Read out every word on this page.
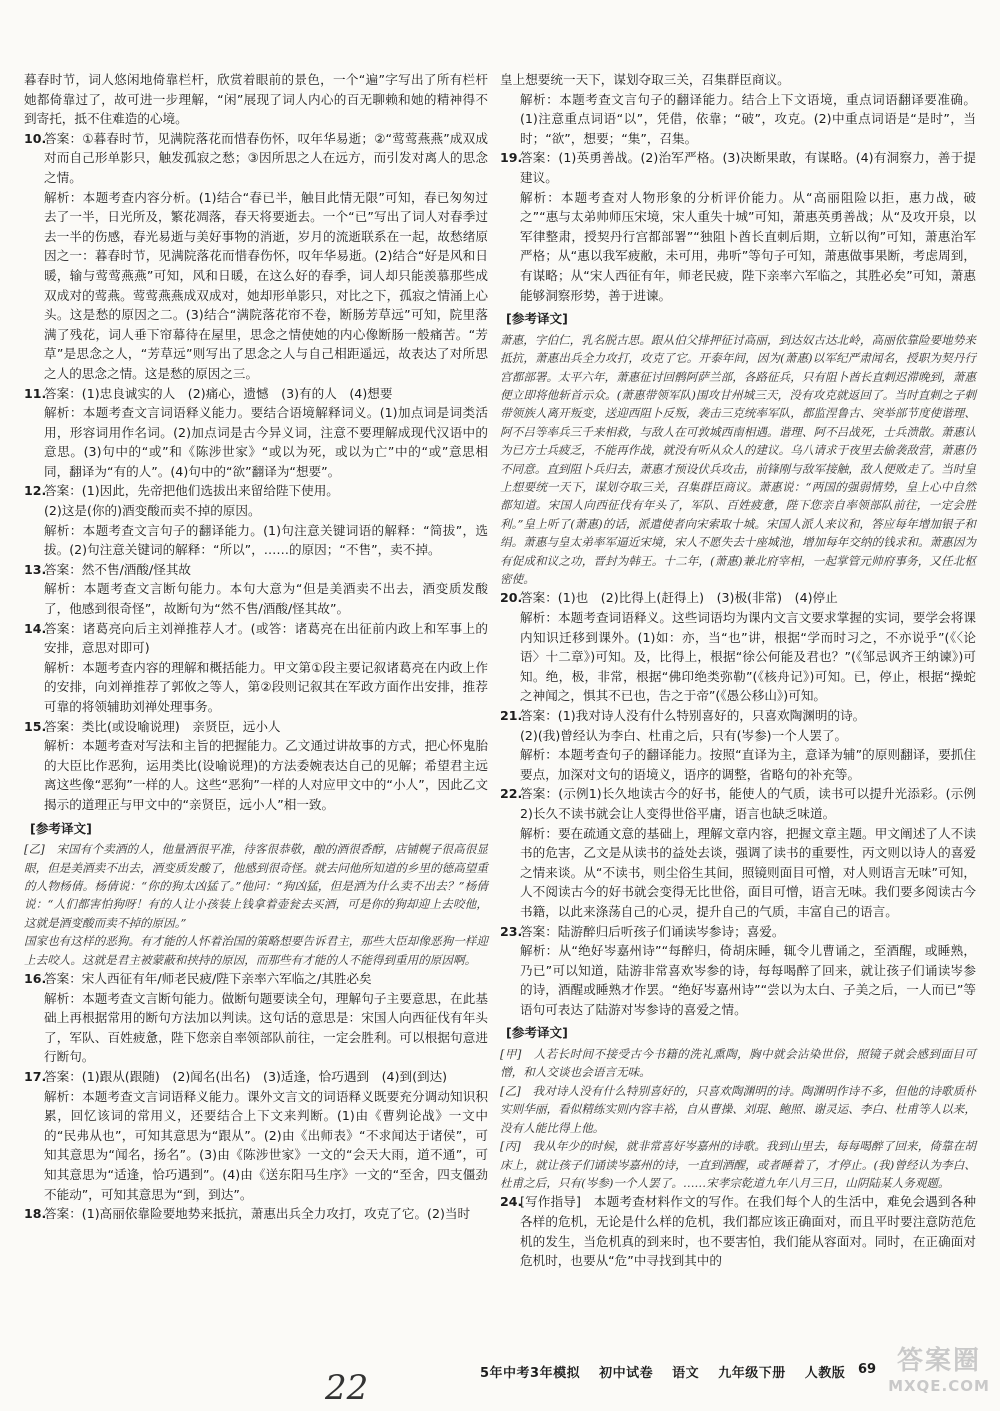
暮春时节，词人悠闲地倚靠栏杆，欣赏着眼前的景色，一个“遍”字写出了所有栏杆她都倚靠过了，故可进一步理解，“闲”展现了词人内心的百无聊赖和她的精神得不到寄托，抵不住难造的心境。
10.
答案：①暮春时节，见满院落花而惜春伤怀，叹年华易逝；②“莺莺燕燕”成双成对而自己形单影只，触发孤寂之愁；③因所思之人在远方，而引发对离人的思念之情。
解析：本题考查内容分析。(1)结合“春已半，触目此情无限”可知，春已匆匆过去了一半，日光所及，繁花凋落，春天将要逝去。一个“已”写出了词人对春季过去一半的伤感，春光易逝与美好事物的消逝，岁月的流逝联系在一起，故愁绪原因之一：暮春时节，见满院落花而惜春伤怀，叹年华易逝。(2)结合“好是风和日暖，输与莺莺燕燕”可知，风和日暖，在这么好的春季，词人却只能羡慕那些成双成对的莺燕。莺莺燕燕成双成对，她却形单影只，对比之下，孤寂之情涌上心头。这是愁的原因之二。(3)结合“满院落花帘不卷，断肠芳草远”可知，院里落满了残花，词人垂下帘幕待在屋里，思念之情使她的内心像断肠一般痛苦。“芳草”是思念之人，“芳草远”则写出了思念之人与自己相距遥远，故表达了对所思之人的思念之情。这是愁的原因之三。
11.
答案：(1)忠良诚实的人　(2)痛心，遗憾　(3)有的人　(4)想要
解析：本题考查文言词语释义能力。要结合语境解释词义。(1)加点词是词类活用，形容词用作名词。(2)加点词是古今异义词，注意不要理解成现代汉语中的意思。(3)句中的“或”和《陈涉世家》“或以为死，或以为亡”中的“或”意思相同，翻译为“有的人”。(4)句中的“欲”翻译为“想要”。
12.
答案：(1)因此，先帝把他们选拔出来留给陛下使用。
(2)这是(你的)酒变酸而卖不掉的原因。
解析：本题考查文言句子的翻译能力。(1)句注意关键词语的解释：“简拔”，选拔。(2)句注意关键词的解释：“所以”，……的原因；“不售”，卖不掉。
13.
答案：然不售/酒酸/怪其故
解析：本题考查文言断句能力。本句大意为“但是美酒卖不出去，酒变质发酸了，他感到很奇怪”，故断句为“然不售/酒酸/怪其故”。
14.
答案：诸葛亮向后主刘禅推荐人才。(或答：诸葛亮在出征前内政上和军事上的安排，意思对即可)
解析：本题考查内容的理解和概括能力。甲文第①段主要记叙诸葛亮在内政上作的安排，向刘禅推荐了郭攸之等人，第②段则记叙其在军政方面作出安排，推荐可靠的将领辅助刘禅处理事务。
15.
答案：类比(或设喻说理)　亲贤臣，远小人
解析：本题考查对写法和主旨的把握能力。乙文通过讲故事的方式，把心怀鬼胎的大臣比作恶狗，运用类比(设喻说理)的方法委婉表达自己的见解；希望君主远离这些像“恶狗”一样的人。这些“恶狗”一样的人对应甲文中的“小人”，因此乙文揭示的道理正与甲文中的“亲贤臣，远小人”相一致。
[参考译文]
[乙]　宋国有个卖酒的人，他量酒很平准，待客很恭敬，酿的酒很香醇，店铺幌子很高很显眼，但是美酒卖不出去，酒变质发酸了，他感到很奇怪。就去问他所知道的乡里的德高望重的人物杨倩。杨倩说：“你的狗太凶猛了。”他问：“狗凶猛，但是酒为什么卖不出去？”杨倩说：“人们都害怕狗呀！有的人让小孩装上钱拿着壶瓮去买酒，可是你的狗却迎上去咬他，这就是酒变酸而卖不掉的原因。”
国家也有这样的恶狗。有才能的人怀着治国的策略想要告诉君主，那些大臣却像恶狗一样迎上去咬人。这就是君主被蒙蔽和挟持的原因，而那些有才能的人不能得到重用的原因啊。
16.
答案：宋人西征有年/师老民疲/陛下亲率六军临之/其胜必矣
解析：本题考查文言断句能力。做断句题要读全句，理解句子主要意思，在此基础上再根据常用的断句方法加以判读。这句话的意思是：宋国人向西征伐有年头了，军队、百姓疲惫，陛下您亲自率领部队前往，一定会胜利。可以根据句意进行断句。
17.
答案：(1)跟从(跟随)　(2)闻名(出名)　(3)适逢，恰巧遇到　(4)到(到达)
解析：本题考查文言词语释义能力。课外文言文的词语释义既要充分调动知识积累，回忆该词的常用义，还要结合上下文来判断。(1)由《曹刿论战》一文中的“民弗从也”，可知其意思为“跟从”。(2)由《出师表》“不求闻达于诸侯”，可知其意思为“闻名，扬名”。(3)由《陈涉世家》一文的“会天大雨，道不通”，可知其意思为“适逢，恰巧遇到”。(4)由《送东阳马生序》一文的“至舍，四支僵劲不能动”，可知其意思为“到，到达”。
18.
答案：(1)高丽依靠险要地势来抵抗，萧惠出兵全力攻打，攻克了它。(2)当时
皇上想要统一天下，谋划夺取三关，召集群臣商议。
解析：本题考查文言句子的翻译能力。结合上下文语境，重点词语翻译要准确。(1)注意重点词语“以”，凭借，依靠；“破”，攻克。(2)中重点词语是“是时”，当时；“欲”，想要；“集”，召集。
19.
答案：(1)英勇善战。(2)治军严格。(3)决断果敢，有谋略。(4)有洞察力，善于提建议。
解析：本题考查对人物形象的分析评价能力。从“高丽阻险以拒，惠力战，破之”“惠与太弟帅师压宋境，宋人重失十城”可知，萧惠英勇善战；从“及攻开泉，以军律整肃，授契丹行宫都部署”“独阻卜酋长直刺后期，立斩以徇”可知，萧惠治军严格；从“惠以我军疲敝，未可用，弗听”等句子可知，萧惠做事果断，考虑周到，有谋略；从“宋人西征有年，师老民疲，陛下亲率六军临之，其胜必矣”可知，萧惠能够洞察形势，善于进谏。
[参考译文]
萧惠，字伯仁，乳名脱古思。跟从伯父排押征讨高丽，到达奴古达北岭，高丽依靠险要地势来抵抗，萧惠出兵全力攻打，攻克了它。开泰年间，因为(萧惠)以军纪严肃闻名，授职为契丹行宫都部署。太平六年，萧惠征讨回鹘阿萨兰部，各路征兵，只有阻卜酋长直剌迟滞晚到，萧惠便立即将他斩首示众。(萧惠带领军队)围攻甘州城三天，没有攻克就返回了。当时直剌之子剌带领族人离开叛变，送迎西阻卜反叛，袭击三克统率军队，都监涅鲁古、突举部节度使谐理、阿不吕等率兵三千来相救，与敌人在可敦城西南相遇。谐理、阿不吕战死，士兵溃散。萧惠认为已方士兵疲乏，不能再作战，就没有听从众人的建议。乌八请求于夜里去偷袭敌营，萧惠仍不同意。直到阻卜兵归去，萧惠才预设伏兵攻击，前锋刚与敌军接触，敌人便败走了。当时皇上想要统一天下，谋划夺取三关，召集群臣商议。萧惠说：“两国的强弱情势，皇上心中自然都知道。宋国人向西征伐有年头了，军队、百姓疲惫，陛下您亲自率领部队前往，一定会胜利。”皇上听了(萧惠)的话，派遣使者向宋索取十城。宋国人派人来议和，答应每年增加银子和绢。萧惠与皇太弟率军逼近宋境，宋人不愿失去十座城池，增加每年交纳的钱求和。萧惠因为有促成和议之功，晋封为韩王。十二年，(萧惠)兼北府宰相，一起掌管元帅府事务，又任北枢密使。
20.
答案：(1)也　(2)比得上(赶得上)　(3)极(非常)　(4)停止
解析：本题考查词语释义。这些词语均为课内文言文要求掌握的实词，要学会将课内知识迁移到课外。(1)如：亦，当“也”讲，根据“学而时习之，不亦说乎”(《〈论语〉十二章》)可知。及，比得上，根据“徐公何能及君也？”(《邹忌讽齐王纳谏》)可知。绝，极，非常，根据“佛印绝类弥勒”(《核舟记》)可知。已，停止，根据“操蛇之神闻之，惧其不已也，告之于帝”(《愚公移山》)可知。
21.
答案：(1)我对诗人没有什么特别喜好的，只喜欢陶渊明的诗。
(2)(我)曾经认为李白、杜甫之后，只有(岑参)一个人罢了。
解析：本题考查句子的翻译能力。按照“直译为主，意译为辅”的原则翻译，要抓住要点，加深对文句的语境义，语序的调整，省略句的补充等。
22.
答案：(示例1)长久地读古今的好书，能使人的气质，读书可以提升光添彩。(示例2)长久不读书就会让人变得世俗平庸，语言也缺乏味道。
解析：要在疏通文意的基础上，理解文章内容，把握文章主题。甲文阐述了人不读书的危害，乙文是从读书的益处去谈，强调了读书的重要性，丙文则以诗人的喜爱之情来谈。从“不读书，则尘俗生其间，照镜则面目可憎，对人则语言无味”可知，人不阅读古今的好书就会变得无比世俗，面目可憎，语言无味。我们要多阅读古今书籍，以此来涤荡自己的心灵，提升自己的气质，丰富自己的语言。
23.
答案：陆游醉归后听孩子们诵读岑参诗；喜爱。
解析：从“绝好岑嘉州诗”“每醉归，倚胡床睡，辄令儿曹诵之，至酒醒，或睡熟，乃已”可以知道，陆游非常喜欢岑参的诗，每每喝醉了回来，就让孩子们诵读岑参的诗，酒醒或睡熟才作罢。“绝好岑嘉州诗”“尝以为太白、子美之后，一人而已”等语句可表达了陆游对岑参诗的喜爱之情。
[参考译文]
[甲]　人若长时间不接受古今书籍的洗礼熏陶，胸中就会沾染世俗，照镜子就会感到面目可憎，和人交谈也会语言无味。
[乙]　我对诗人没有什么特别喜好的，只喜欢陶渊明的诗。陶渊明作诗不多，但他的诗歌质朴实则华丽，看似精练实则内容丰裕，自从曹操、刘琨、鲍照、谢灵运、李白、杜甫等人以来，没有人能比得上他。
[丙]　我从年少的时候，就非常喜好岑嘉州的诗歌。我到山里去，每每喝醉了回来，倚靠在胡床上，就让孩子们诵读岑嘉州的诗，一直到酒醒，或者睡着了，才停止。(我)曾经认为李白、杜甫之后，只有(岑参)一个人罢了。……宋孝宗乾道九年八月三日，山阴陆某人务观题。
24.
[写作指导]　本题考查材料作文的写作。在我们每个人的生活中，难免会遇到各种各样的危机，无论是什么样的危机，我们都应该正确面对，而且平时要注意防范危机的发生，当危机真的到来时，也不要害怕，我们能从容面对。同时，在正确面对危机时，也要从“危”中寻找到其中的
5年中考3年模拟 初中试卷 语文 九年级下册 人教版 69
22
答案圈
MXQE.COM
